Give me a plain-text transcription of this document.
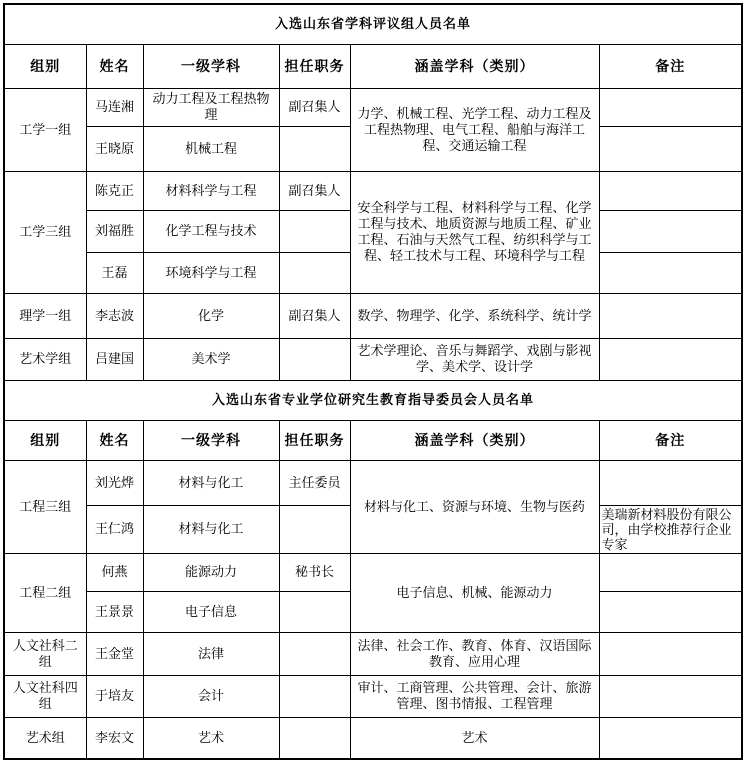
入选山东省学科评议组人员名单					
组别	姓名	一级学科	担任职务	涵盖学科（类别）	备注
工学一组	马连湘	动力工程及工程热物理	副召集人	力学、机械工程、光学工程、动力工程及工程热物理、电气工程、船舶与海洋工程、交通运输工程	
	王晓原	机械工程			
工学三组	陈克正	材料科学与工程	副召集人	安全科学与工程、材料科学与工程、化学工程与技术、地质资源与地质工程、矿业工程、石油与天然气工程、纺织科学与工程、轻工技术与工程、环境科学与工程	
	刘福胜	化学工程与技术			
	王磊	环境科学与工程			
理学一组	李志波	化学	副召集人	数学、物理学、化学、系统科学、统计学	
艺术学组	吕建国	美术学		艺术学理论、音乐与舞蹈学、戏剧与影视学、美术学、设计学	
入选山东省专业学位研究生教育指导委员会人员名单					
组别	姓名	一级学科	担任职务	涵盖学科（类别）	备注
工程三组	刘光烨	材料与化工	主任委员	材料与化工、资源与环境、生物与医药	
	王仁鸿	材料与化工			美瑞新材料股份有限公司，由学校推荐行企业专家
工程二组	何燕	能源动力	秘书长	电子信息、机械、能源动力	
	王景景	电子信息			
人文社科二组	王金堂	法律		法律、社会工作、教育、体育、汉语国际教育、应用心理	
人文社科四组	于培友	会计		审计、工商管理、公共管理、会计、旅游管理、图书情报、工程管理	
艺术组	李宏文	艺术		艺术	
